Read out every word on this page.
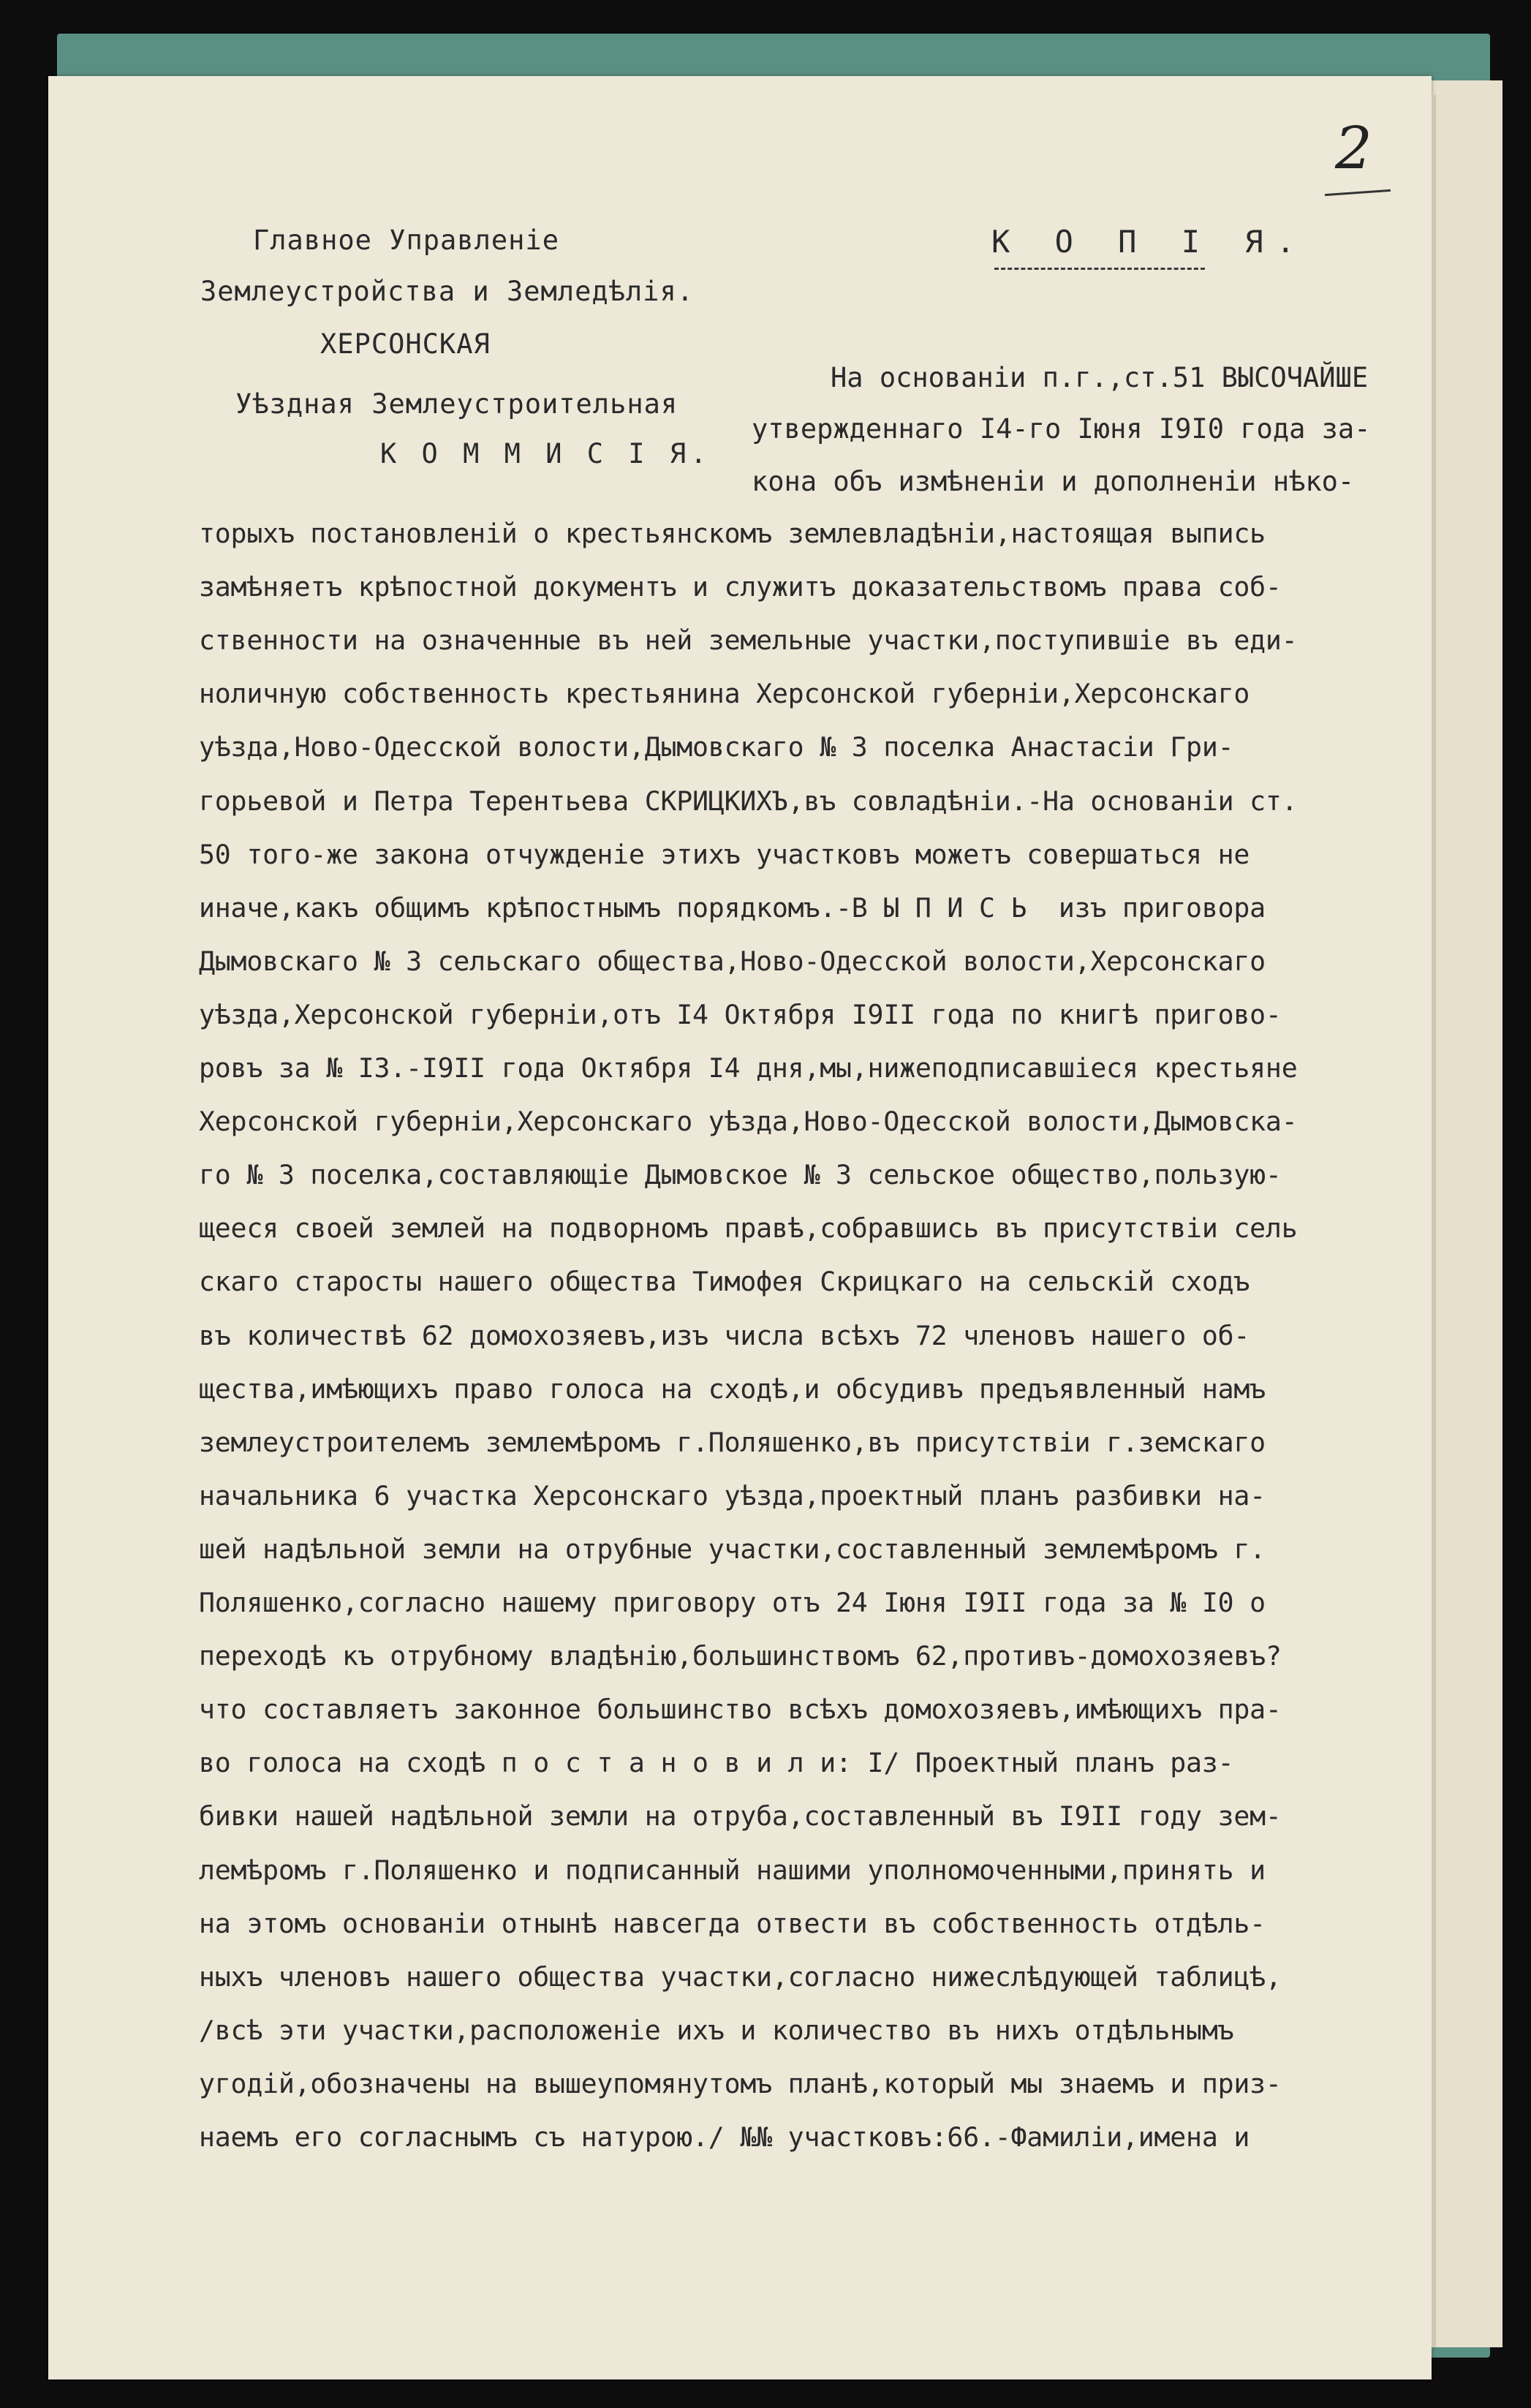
2
Главное Управленіе
Землеустройства и Земледѣлія.
ХЕРСОНСКАЯ
Уѣздная Землеустроительная
К О М М И С І Я.
К О П І Я.
На основаніи п.г.,ст.51 ВЫСОЧАЙШЕ
утвержденнаго I4-го Іюня I9I0 года за-
кона объ измѣненіи и дополненіи нѣко-
торыхъ постановленій о крестьянскомъ землевладѣніи,настоящая выпись
замѣняетъ крѣпостной документъ и служитъ доказательствомъ права соб-
ственности на означенные въ ней земельные участки,поступившіе въ еди-
ноличную собственность крестьянина Херсонской губерніи,Херсонскаго
уѣзда,Ново-Одесской волости,Дымовскаго № 3 поселка Анастасіи Гри-
горьевой и Петра Терентьева СКРИЦКИХЪ,въ совладѣніи.-На основаніи ст.
50 того-же закона отчужденіе этихъ участковъ можетъ совершаться не
иначе,какъ общимъ крѣпостнымъ порядкомъ.-В Ы П И С Ь  изъ приговора
Дымовскаго № 3 сельскаго общества,Ново-Одесской волости,Херсонскаго
уѣзда,Херсонской губерніи,отъ I4 Октября I9II года по книгѣ пригово-
ровъ за № I3.-I9II года Октября I4 дня,мы,нижеподписавшіеся крестьяне
Херсонской губерніи,Херсонскаго уѣзда,Ново-Одесской волости,Дымовска-
го № 3 поселка,составляющіе Дымовское № 3 сельское общество,пользую-
щееся своей землей на подворномъ правѣ,собравшись въ присутствіи сель
скаго старосты нашего общества Тимофея Скрицкаго на сельскій сходъ
въ количествѣ 62 домохозяевъ,изъ числа всѣхъ 72 членовъ нашего об-
щества,имѣющихъ право голоса на сходѣ,и обсудивъ предъявленный намъ
землеустроителемъ землемѣромъ г.Поляшенко,въ присутствіи г.земскаго
начальника 6 участка Херсонскаго уѣзда,проектный планъ разбивки на-
шей надѣльной земли на отрубные участки,составленный землемѣромъ г.
Поляшенко,согласно нашему приговору отъ 24 Іюня I9II года за № I0 о
переходѣ къ отрубному владѣнію,большинствомъ 62,противъ-домохозяевъ?
что составляетъ законное большинство всѣхъ домохозяевъ,имѣющихъ пра-
во голоса на сходѣ п о с т а н о в и л и: I/ Проектный планъ раз-
бивки нашей надѣльной земли на отруба,составленный въ I9II году зем-
лемѣромъ г.Поляшенко и подписанный нашими уполномоченными,принять и
на этомъ основаніи отнынѣ навсегда отвести въ собственность отдѣль-
ныхъ членовъ нашего общества участки,согласно нижеслѣдующей таблицѣ,
/всѣ эти участки,расположеніе ихъ и количество въ нихъ отдѣльнымъ
угодій,обозначены на вышеупомянутомъ планѣ,который мы знаемъ и приз-
наемъ его согласнымъ съ натурою./ №№ участковъ:66.-Фамиліи,имена и
